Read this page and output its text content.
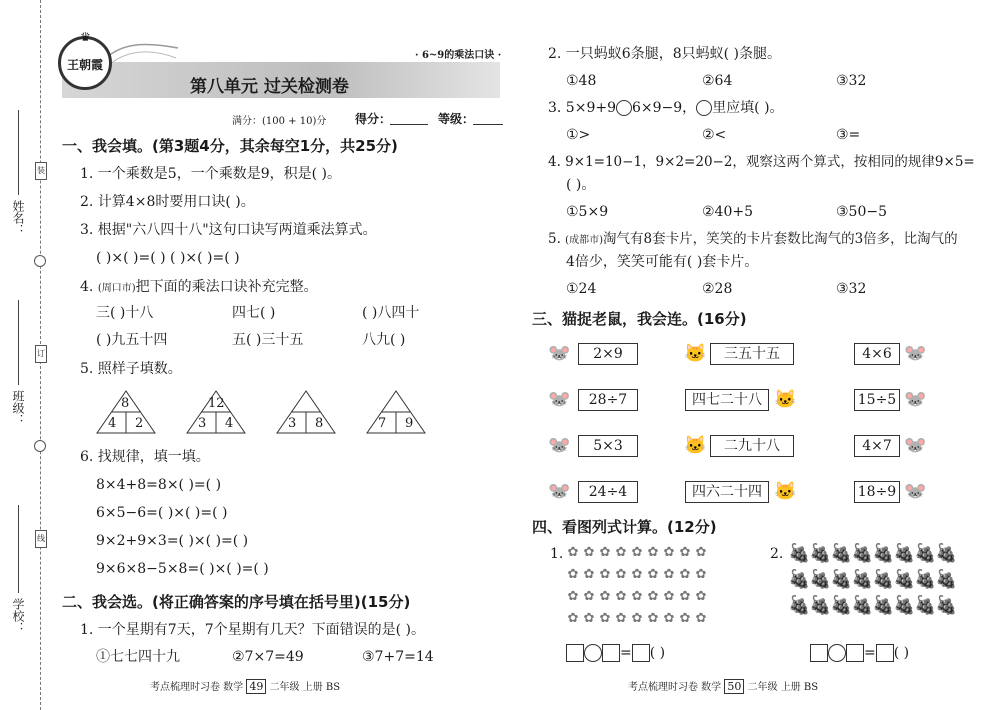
姓名：
班级：
学校：
装
订
线
♛
王朝霞
· 6~9的乘法口诀 ·
第八单元 过关检测卷
满分：(100 + 10)分 得分：	等级：
一、我会填。(第3题4分，其余每空1分，共25分)
1. 一个乘数是5，一个乘数是9，积是( )。
2. 计算4×8时要用口诀( )。
3. 根据"六八四十八"这句口诀写两道乘法算式。
( )×( )=( ) ( )×( )=( )
4. (周口市)把下面的乘法口诀补充完整。
三( )十八	四七( )	( )八四十
( )九五十四	五( )三十五	八九( )
5. 照样子填数。
8
4 2
12
3 4	3 8	7 9
6. 找规律，填一填。
8×4+8=8×( )=( )
6×5−6=( )×( )=( )
9×2+9×3=( )×( )=( )
9×6×8−5×8=( )×( )=( )
二、我会选。(将正确答案的序号填在括号里)(15分)
1. 一个星期有7天，7个星期有几天？下面错误的是( )。
①七七四十九	②7×7=49	③7+7=14
考点梳理时习卷 数学 49 二年级 上册 BS
2. 一只蚂蚁6条腿，8只蚂蚁( )条腿。
①48	②64	③32
3. 5×9+9 6×9−9， 里应填( )。
①>	②<	③=
4. 9×1=10−1，9×2=20−2，观察这两个算式，按相同的规律9×5=
( )。
①5×9	②40+5	③50−5
5. (成都市)淘气有8套卡片，笑笑的卡片套数比淘气的3倍多，比淘气的
4倍少，笑笑可能有( )套卡片。
①24	②28	③32
三、猫捉老鼠，我会连。(16分)
🐭	2×9	🐱	三五十五	4×6 🐭
🐭	28÷7	四七二十八 🐱	15÷5 🐭
🐭	5×3	🐱	二九十八	4×7 🐭
🐭	24÷4	四六二十四 🐱	18÷9 🐭
四、看图列式计算。(12分)
1.	2.
✿ ✿ ✿ ✿ ✿ ✿ ✿ ✿ ✿
✿ ✿ ✿ ✿ ✿ ✿ ✿ ✿ ✿
✿ ✿ ✿ ✿ ✿ ✿ ✿ ✿ ✿
✿ ✿ ✿ ✿ ✿ ✿ ✿ ✿ ✿
🍇
🍇
🍇
🍇
🍇
🍇
🍇
🍇
🍇
🍇
🍇
🍇
🍇
🍇
🍇
🍇
🍇
🍇
🍇
🍇
🍇
🍇
🍇
🍇
= ( )	= ( )
考点梳理时习卷 数学 50 二年级 上册 BS
